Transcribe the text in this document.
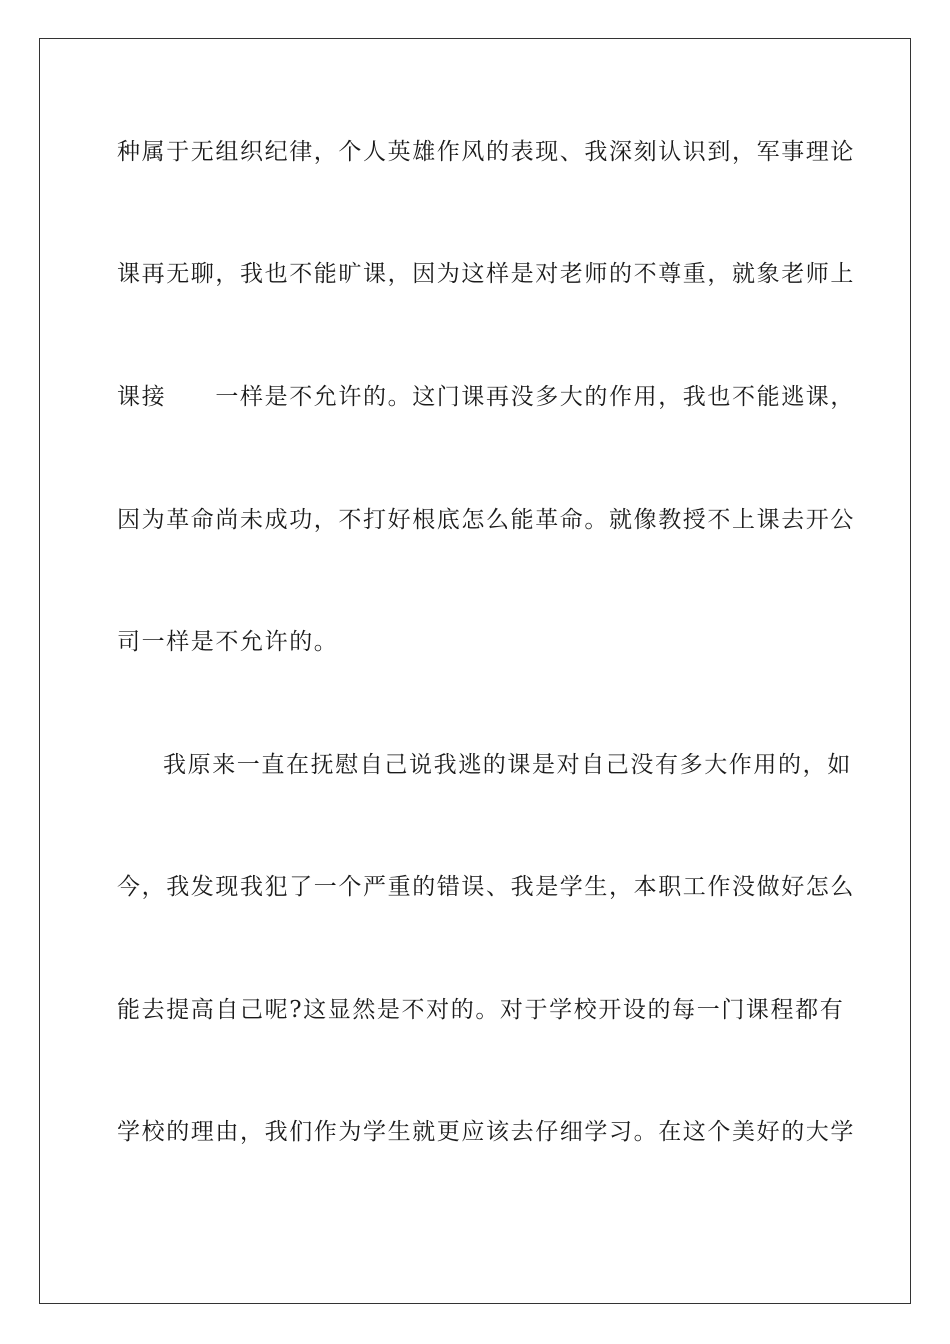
种属于无组织纪律，个人英雄作风的表现、我深刻认识到，军事理论
课再无聊，我也不能旷课，因为这样是对老师的不尊重，就象老师上
课接　　一样是不允许的。这门课再没多大的作用，我也不能逃课，
因为革命尚未成功，不打好根底怎么能革命。就像教授不上课去开公
司一样是不允许的。
我原来一直在抚慰自己说我逃的课是对自己没有多大作用的，如
今，我发现我犯了一个严重的错误、我是学生，本职工作没做好怎么
能去提高自己呢?这显然是不对的。对于学校开设的每一门课程都有
学校的理由，我们作为学生就更应该去仔细学习。在这个美好的大学
